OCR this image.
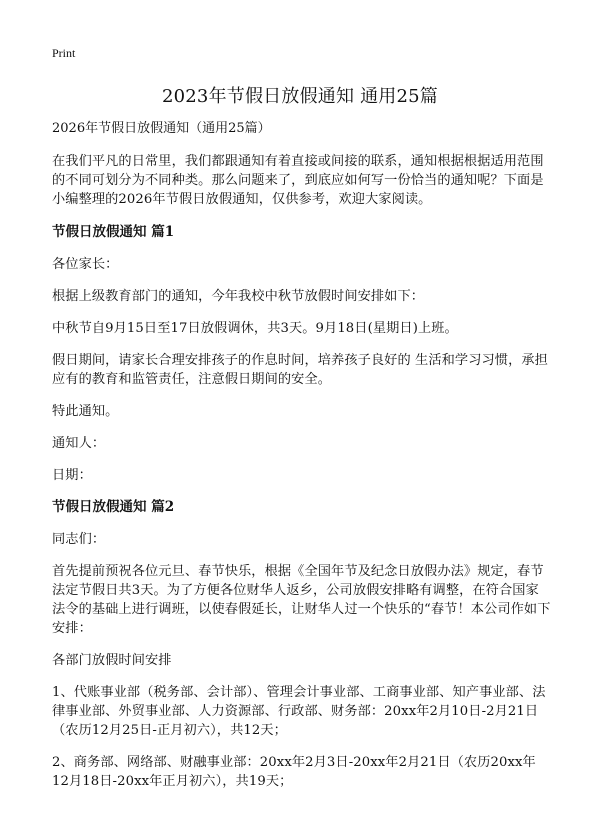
Print
2023年节假日放假通知 通用25篇
2026年节假日放假通知（通用25篇）

在我们平凡的日常里，我们都跟通知有着直接或间接的联系，通知根据根据适用范围的不同可划分为不同种类。那么问题来了，到底应如何写一份恰当的通知呢？下面是小编整理的2026年节假日放假通知，仅供参考，欢迎大家阅读。

节假日放假通知 篇1

各位家长：

根据上级教育部门的通知，今年我校中秋节放假时间安排如下：

中秋节自9月15日至17日放假调休，共3天。9月18日(星期日)上班。

假日期间，请家长合理安排孩子的作息时间，培养孩子良好的 生活和学习习惯，承担应有的教育和监管责任，注意假日期间的安全。

特此通知。

通知人：

日期：

节假日放假通知 篇2

同志们：

首先提前预祝各位元旦、春节快乐，根据《全国年节及纪念日放假办法》规定，春节法定节假日共3天。为了方便各位财华人返乡，公司放假安排略有调整，在符合国家法令的基础上进行调班，以使春假延长，让财华人过一个快乐的“春节！本公司作如下安排：

各部门放假时间安排

1、代账事业部（税务部、会计部）、管理会计事业部、工商事业部、知产事业部、法律事业部、外贸事业部、人力资源部、行政部、财务部：20xx年2月10日-2月21日（农历12月25日-正月初六），共12天；

2、商务部、网络部、财融事业部：20xx年2月3日-20xx年2月21日（农历20xx年12月18日-20xx年正月初六），共19天；
